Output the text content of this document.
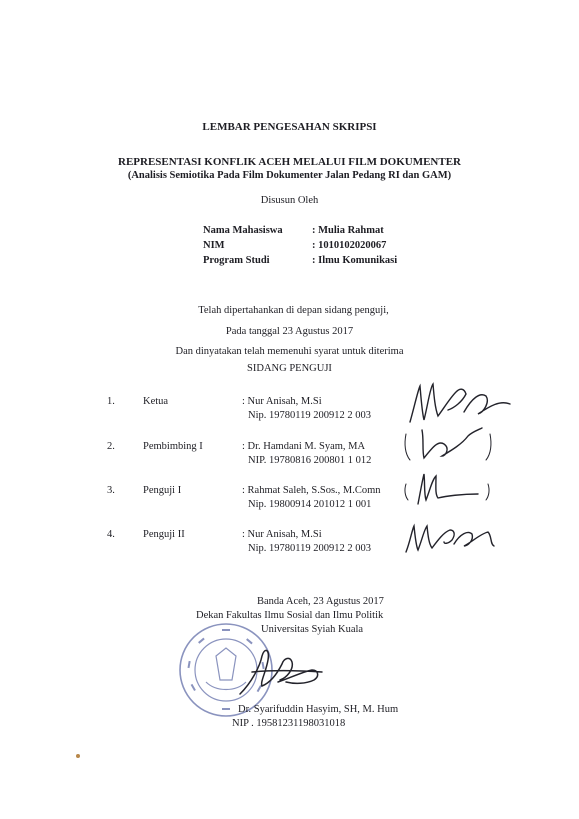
LEMBAR PENGESAHAN SKRIPSI
REPRESENTASI KONFLIK ACEH MELALUI FILM DOKUMENTER
(Analisis Semiotika Pada Film Dokumenter Jalan Pedang RI dan GAM)
Disusun Oleh
Nama Mahasiswa	: Mulia Rahmat
NIM	: 1010102020067
Program Studi	: Ilmu Komunikasi
Telah dipertahankan di depan sidang penguji,
Pada tanggal 23 Agustus 2017
Dan dinyatakan telah memenuhi syarat untuk diterima
SIDANG PENGUJI
1.	Ketua	: Nur Anisah, M.Si
Nip. 19780119 200912 2 003
2.	Pembimbing I	: Dr. Hamdani M. Syam, MA
NIP. 19780816 200801 1 012
3.	Penguji I	: Rahmat Saleh, S.Sos., M.Comn
Nip. 19800914 201012 1 001
4.	Penguji II	: Nur Anisah, M.Si
Nip. 19780119 200912 2 003
Banda Aceh, 23 Agustus 2017
Dekan Fakultas Ilmu Sosial dan Ilmu Politik
Universitas Syiah Kuala
Dr. Syarifuddin Hasyim, SH, M. Hum
NIP . 19581231198031018
